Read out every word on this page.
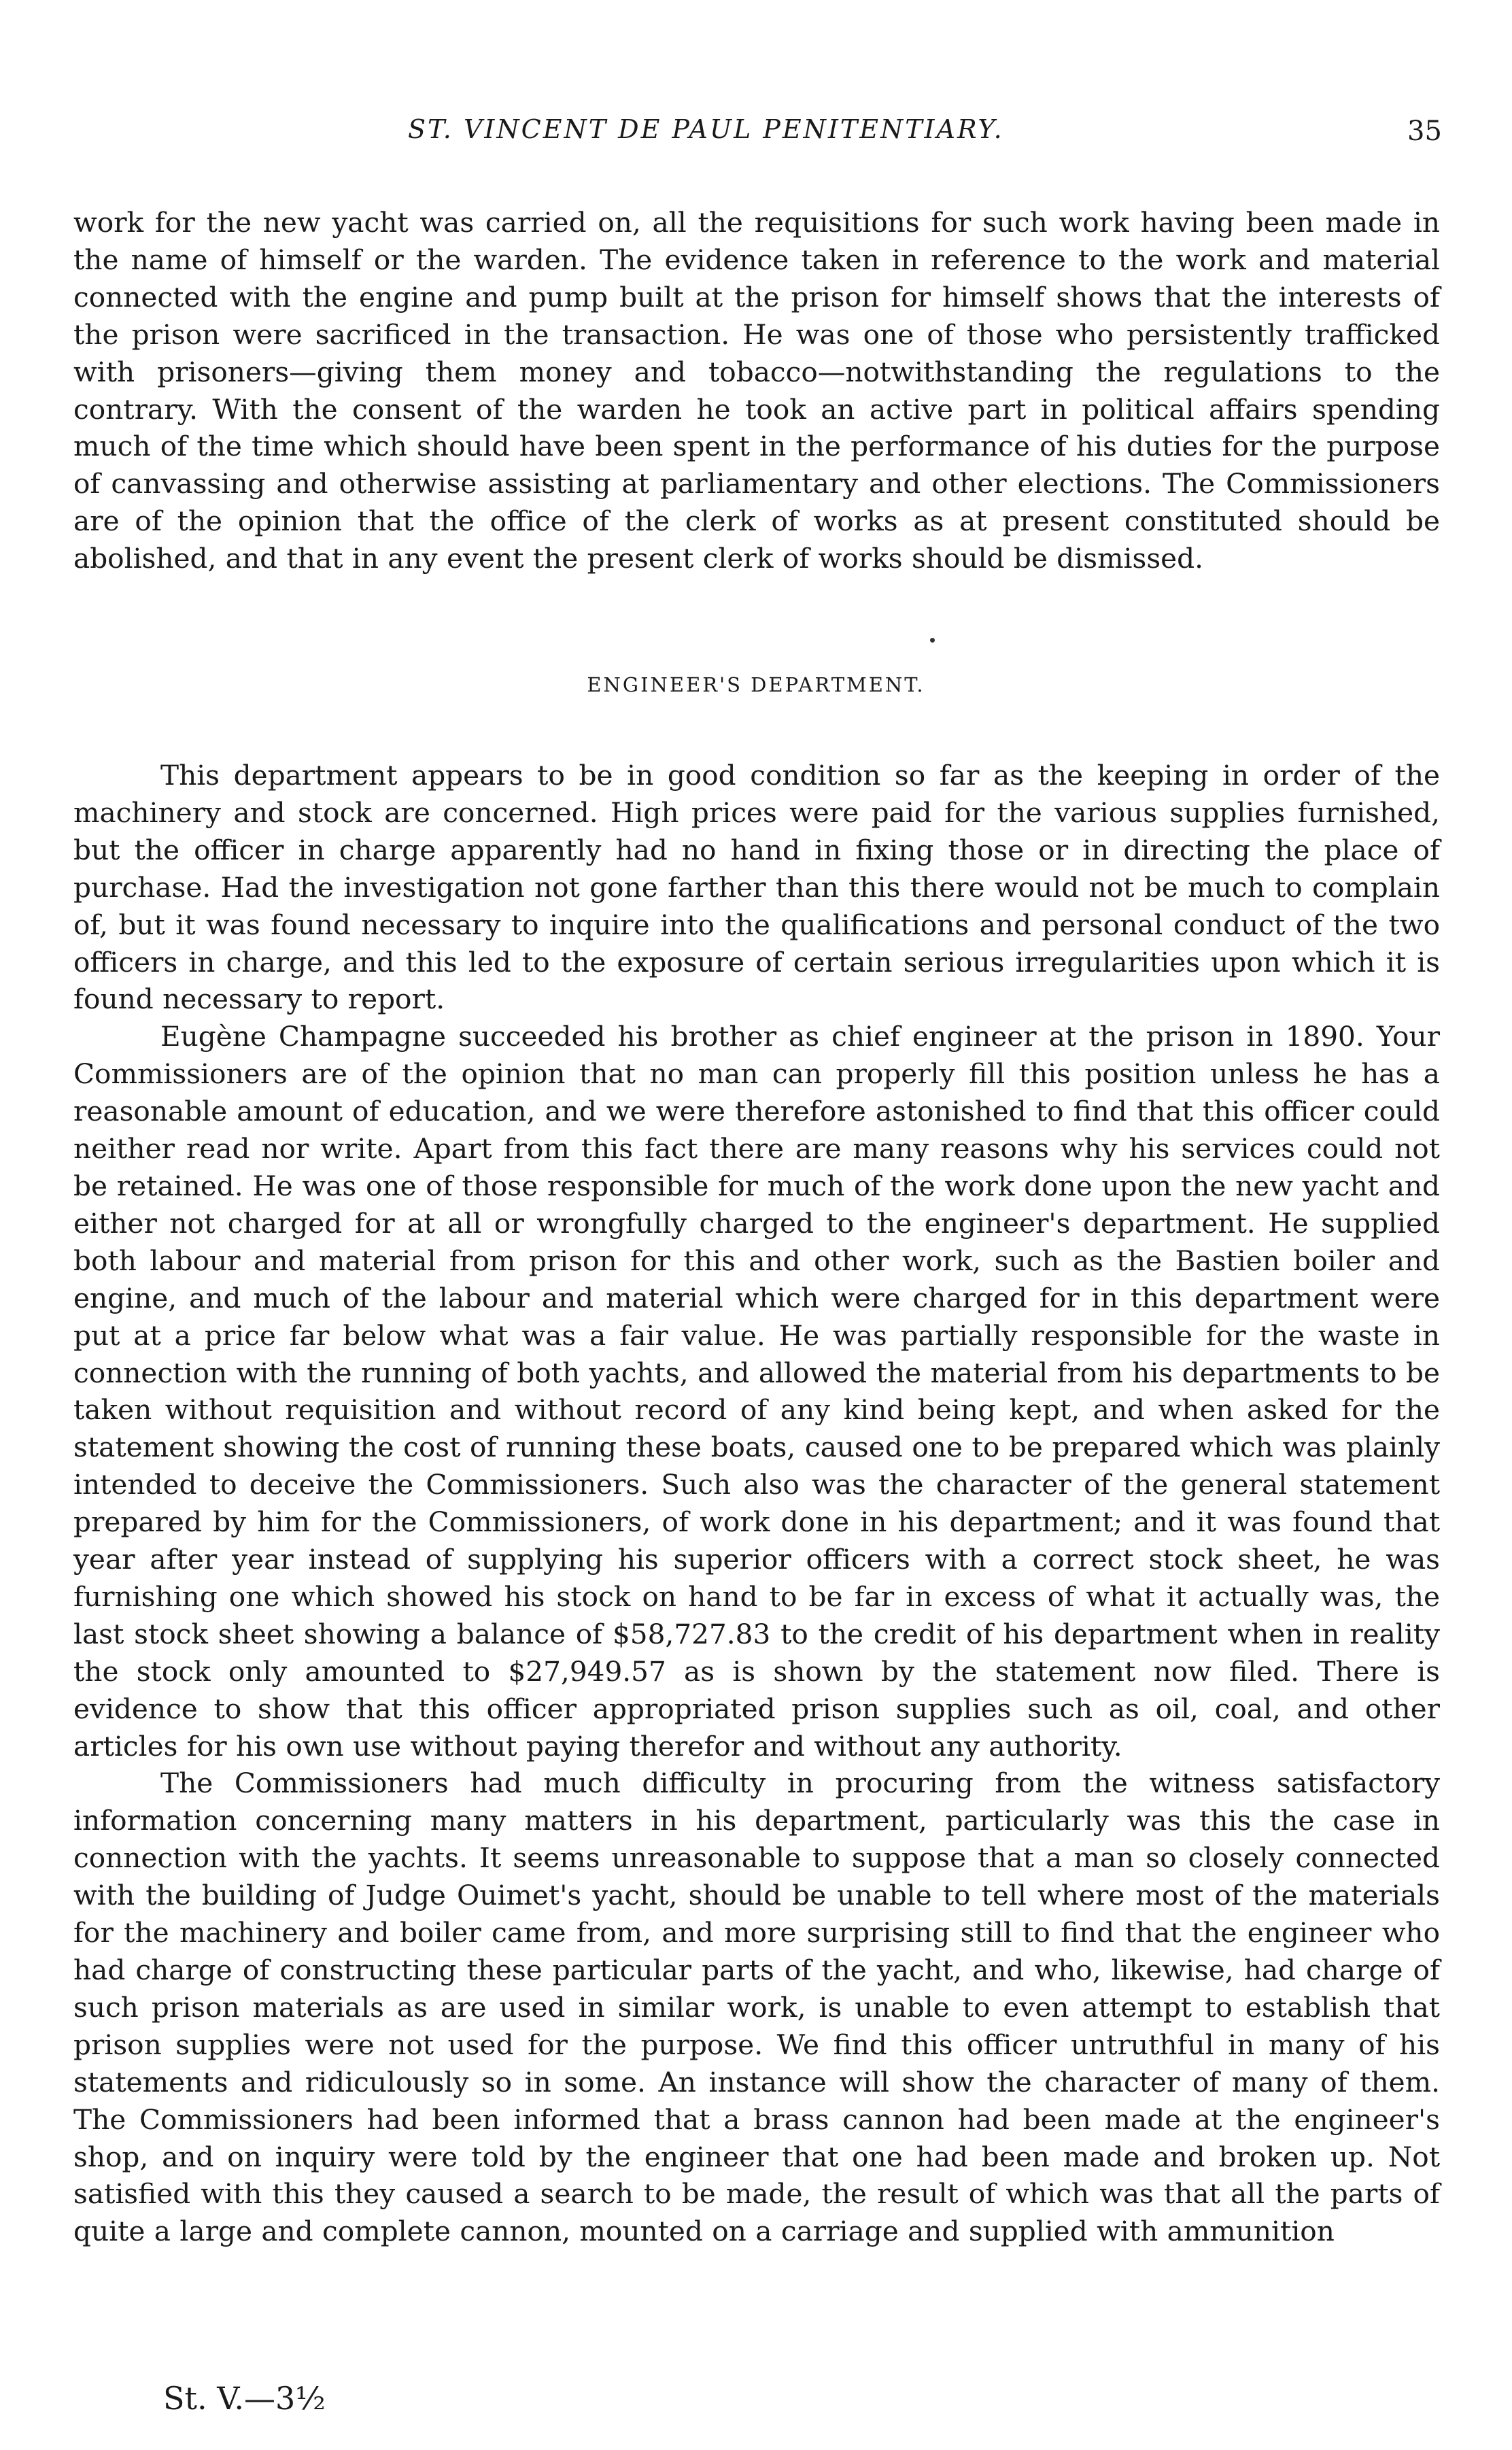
ST. VINCENT DE PAUL PENITENTIARY.	35

work for the new yacht was carried on, all the requisitions for such work having been made in the name of himself or the warden. The evidence taken in reference to the work and material connected with the engine and pump built at the prison for himself shows that the interests of the prison were sacrificed in the transaction. He was one of those who persistently trafficked with prisoners—giving them money and tobacco—notwithstanding the regulations to the contrary. With the consent of the warden he took an active part in political affairs spending much of the time which should have been spent in the performance of his duties for the purpose of canvassing and otherwise assisting at parliamentary and other elections. The Commissioners are of the opinion that the office of the clerk of works as at present constituted should be abolished, and that in any event the present clerk of works should be dismissed.

ENGINEER'S DEPARTMENT.

This department appears to be in good condition so far as the keeping in order of the machinery and stock are concerned. High prices were paid for the various supplies furnished, but the officer in charge apparently had no hand in fixing those or in directing the place of purchase. Had the investigation not gone farther than this there would not be much to complain of, but it was found necessary to inquire into the qualifications and personal conduct of the two officers in charge, and this led to the exposure of certain serious irregularities upon which it is found necessary to report.

Eugène Champagne succeeded his brother as chief engineer at the prison in 1890. Your Commissioners are of the opinion that no man can properly fill this position unless he has a reasonable amount of education, and we were therefore astonished to find that this officer could neither read nor write. Apart from this fact there are many reasons why his services could not be retained. He was one of those responsible for much of the work done upon the new yacht and either not charged for at all or wrongfully charged to the engineer's department. He supplied both labour and material from prison for this and other work, such as the Bastien boiler and engine, and much of the labour and material which were charged for in this department were put at a price far below what was a fair value. He was partially responsible for the waste in connection with the running of both yachts, and allowed the material from his departments to be taken without requisition and without record of any kind being kept, and when asked for the statement showing the cost of running these boats, caused one to be prepared which was plainly intended to deceive the Commissioners. Such also was the character of the general statement prepared by him for the Commissioners, of work done in his department; and it was found that year after year instead of supplying his superior officers with a correct stock sheet, he was furnishing one which showed his stock on hand to be far in excess of what it actually was, the last stock sheet showing a balance of $58,727.83 to the credit of his department when in reality the stock only amounted to $27,949.57 as is shown by the statement now filed. There is evidence to show that this officer appropriated prison supplies such as oil, coal, and other articles for his own use without paying therefor and without any authority.

The Commissioners had much difficulty in procuring from the witness satisfactory information concerning many matters in his department, particularly was this the case in connection with the yachts. It seems unreasonable to suppose that a man so closely connected with the building of Judge Ouimet's yacht, should be unable to tell where most of the materials for the machinery and boiler came from, and more surprising still to find that the engineer who had charge of constructing these particular parts of the yacht, and who, likewise, had charge of such prison materials as are used in similar work, is unable to even attempt to establish that prison supplies were not used for the purpose. We find this officer untruthful in many of his statements and ridiculously so in some. An instance will show the character of many of them. The Commissioners had been informed that a brass cannon had been made at the engineer's shop, and on inquiry were told by the engineer that one had been made and broken up. Not satisfied with this they caused a search to be made, the result of which was that all the parts of quite a large and complete cannon, mounted on a carriage and supplied with ammunition

St. V.—3½
